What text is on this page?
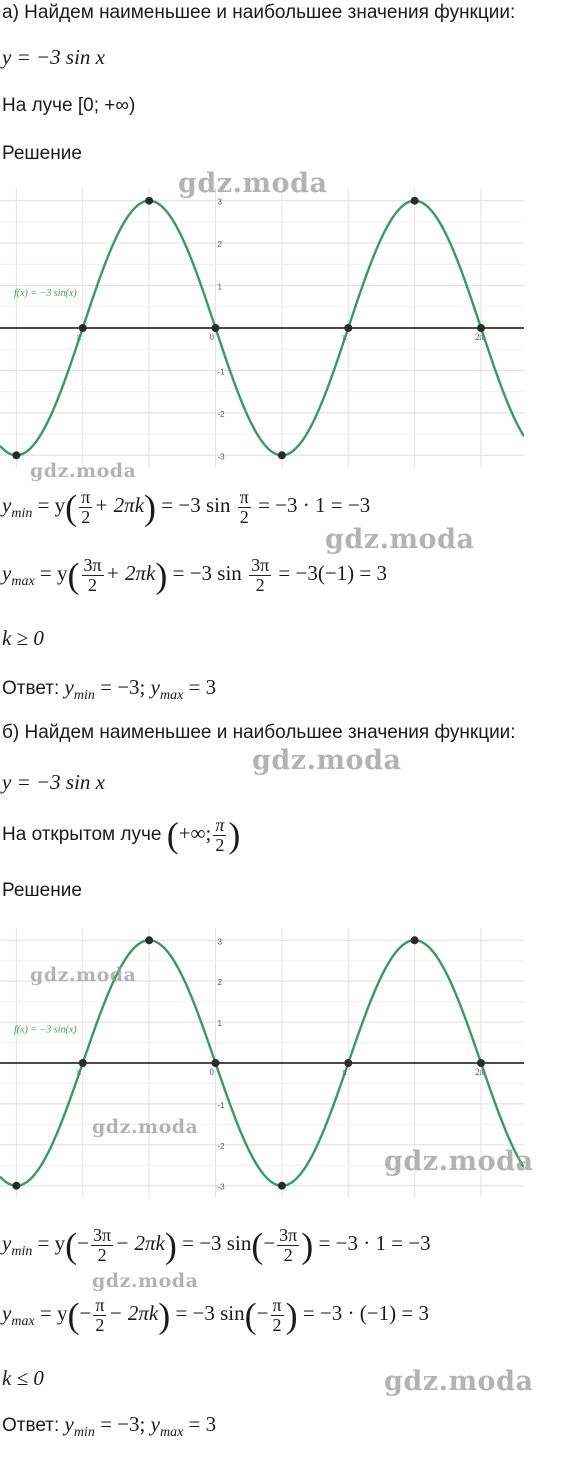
а) Найдем наименьшее и наибольшее значения функции:
y = −3 sin x
На луче [0; +∞)
Решение
3
2
1
-1
-2
-3
π	0	π	2π
f(x) = −3 sin(x)
$y_{min} = y( \frac{\pi}{2} + 2\pi k) = -3$ $\sin \frac{\pi}{2} = -3 \cdot 1 = -3$
$y_{max} = y( \frac{3\pi}{2} + 2\pi k) = -3$ $\sin \frac{3\pi}{2} = -3(-1) = 3$
k ≥ 0
Ответ: $y_{min} = -3$; $y_{max} = 3$
б) Найдем наименьшее и наибольшее значения функции:
y = −3 sin x
На открытом луче (+∞; $\frac{\pi}{2}$ )
Решение
3
2
1
-1
-2
-3
π	0	π	2π
f(x) = −3 sin(x)
$y_{min} = y(- \frac{3\pi}{2} - 2\pi k) = -3$ $\sin(- \frac{3\pi}{2}$ ) = −3 · 1 = −3
$y_{max} = y(- \frac{\pi}{2} - 2\pi k) = -3$ $\sin(- \frac{\pi}{2}$ ) = −3 · (−1) = 3
k ≤ 0
Ответ: $y_{min} = -3$; $y_{max} = 3$
gdz.moda
gdz.moda
gdz.moda
gdz.moda
gdz.moda
gdz.moda
gdz.moda
gdz.moda
gdz.moda
